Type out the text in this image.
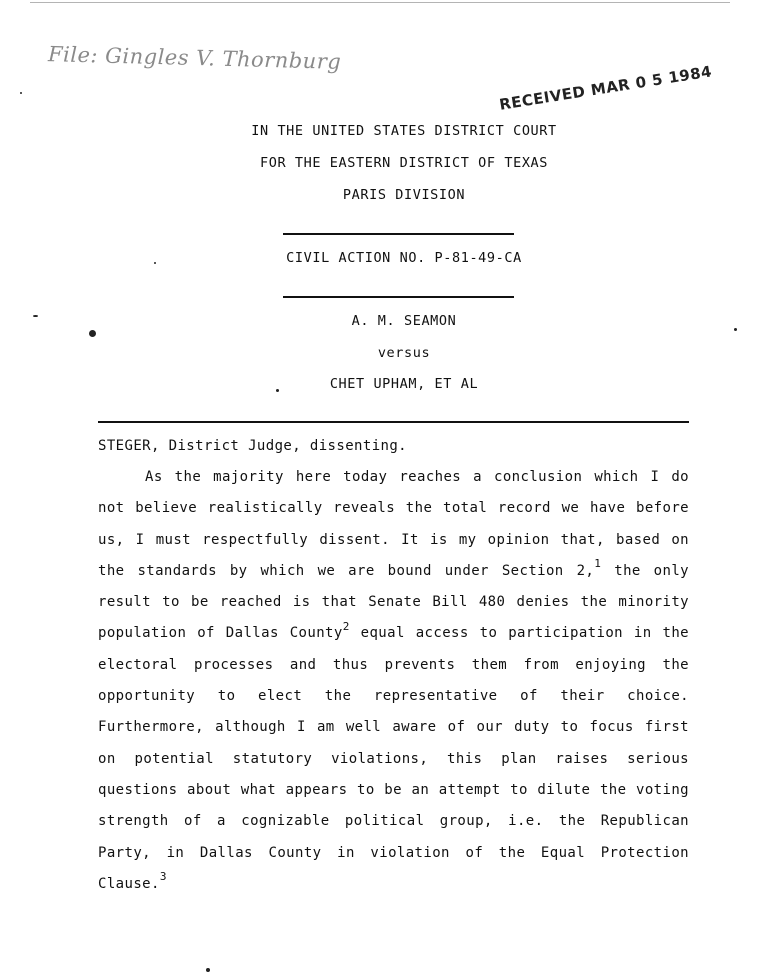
File: Gingles V. Thornburg
RECEIVED MAR 0 5 1984
IN THE UNITED STATES DISTRICT COURT
FOR THE EASTERN DISTRICT OF TEXAS
PARIS DIVISION
CIVIL ACTION NO. P-81-49-CA
A. M. SEAMON
versus
CHET UPHAM, ET AL
STEGER, District Judge, dissenting.

As the majority here today reaches a conclusion which I do not believe realistically reveals the total record we have before us, I must respectfully dissent. It is my opinion that, based on the standards by which we are bound under Section 2,$^1$ the only result to be reached is that Senate Bill 480 denies the minority population of Dallas County$^2$ equal access to participation in the electoral processes and thus prevents them from enjoying the opportunity to elect the representative of their choice. Furthermore, although I am well aware of our duty to focus first on potential statutory violations, this plan raises serious questions about what appears to be an attempt to dilute the voting strength of a cognizable political group, i.e. the Republican Party, in Dallas County in violation of the Equal Protection Clause.$^3$
